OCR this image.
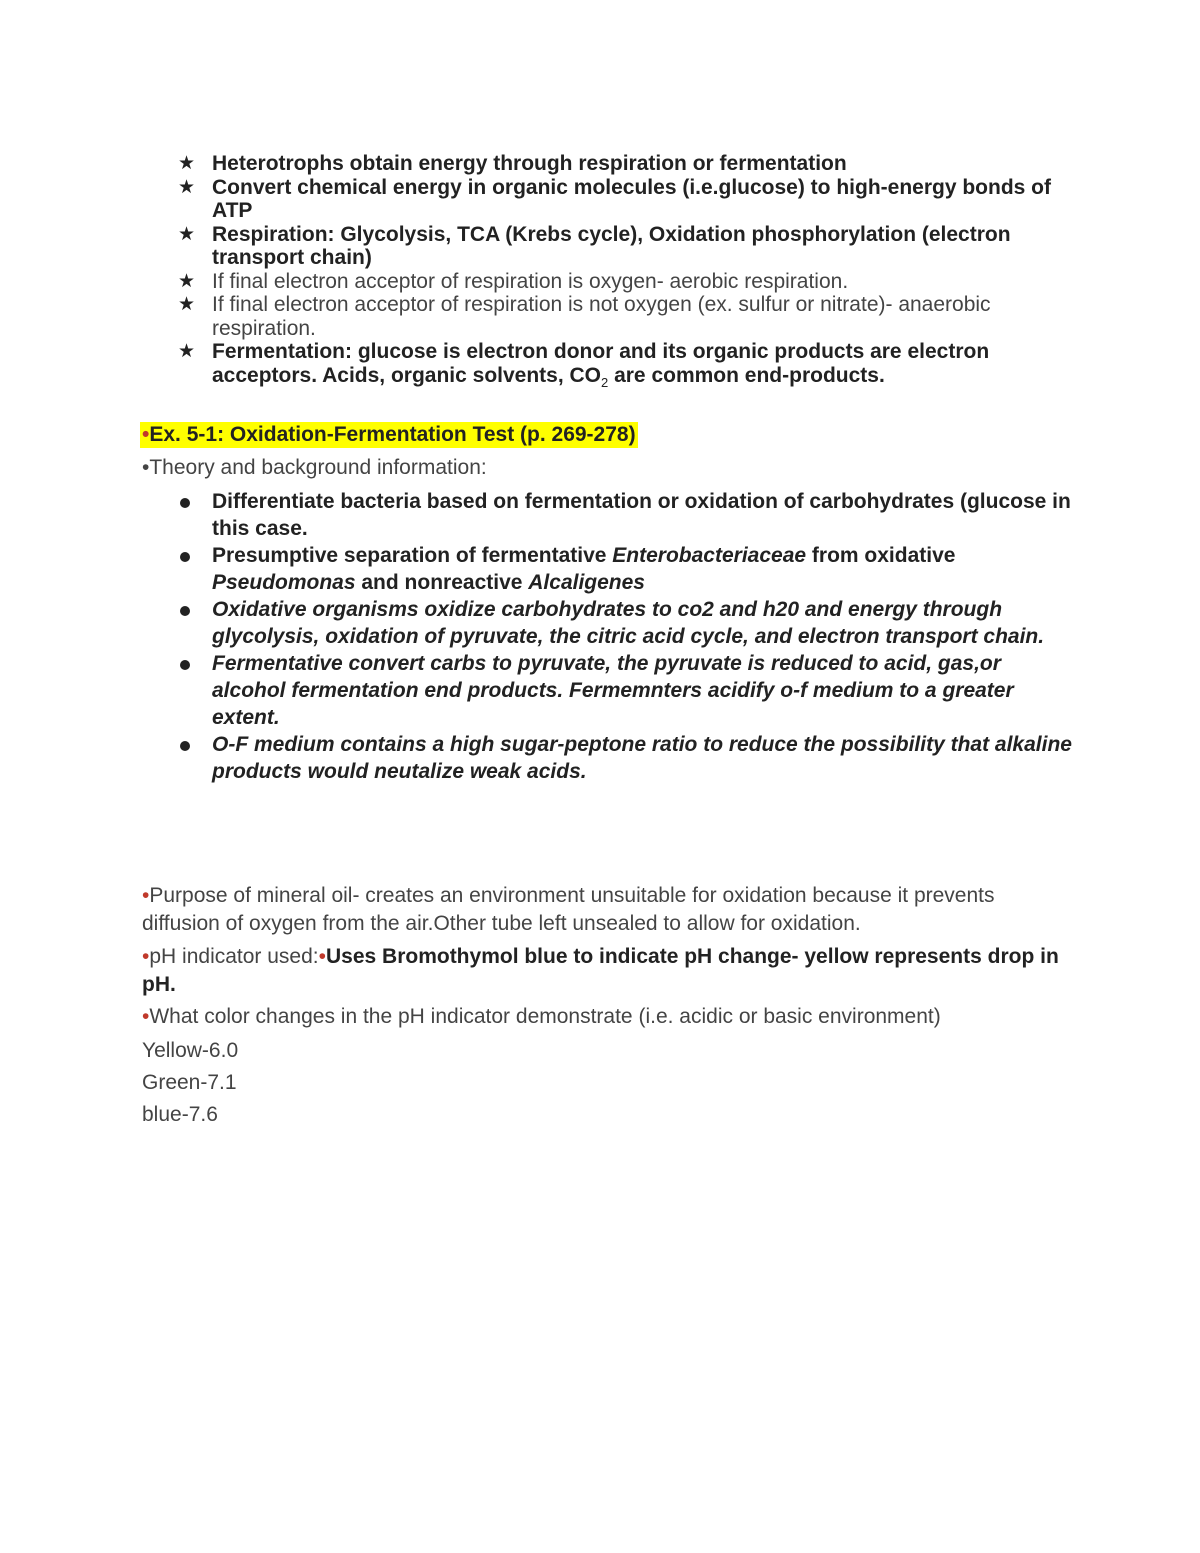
★ Heterotrophs obtain energy through respiration or fermentation
★ Convert chemical energy in organic molecules (i.e.glucose) to high-energy bonds of ATP
★ Respiration: Glycolysis, TCA (Krebs cycle), Oxidation phosphorylation (electron transport chain)
★ If final electron acceptor of respiration is oxygen- aerobic respiration.
★ If final electron acceptor of respiration is not oxygen (ex. sulfur or nitrate)- anaerobic respiration.
★ Fermentation: glucose is electron donor and its organic products are electron acceptors. Acids, organic solvents, $CO_2$ are common end-products.
•Ex. 5-1: Oxidation-Fermentation Test (p. 269-278)
•Theory and background information:
Differentiate bacteria based on fermentation or oxidation of carbohydrates (glucose in this case.
Presumptive separation of fermentative Enterobacteriaceae from oxidative Pseudomonas and nonreactive Alcaligenes
Oxidative organisms oxidize carbohydrates to co2 and h20 and energy through glycolysis, oxidation of pyruvate, the citric acid cycle, and electron transport chain.
Fermentative convert carbs to pyruvate, the pyruvate is reduced to acid, gas,or alcohol fermentation end products. Fermemnters acidify o-f medium to a greater extent.
O-F medium contains a high sugar-peptone ratio to reduce the possibility that alkaline products would neutalize weak acids.
•Purpose of mineral oil- creates an environment unsuitable for oxidation because it prevents diffusion of oxygen from the air.Other tube left unsealed to allow for oxidation.
•pH indicator used:•Uses Bromothymol blue to indicate pH change- yellow represents drop in pH.
•What color changes in the pH indicator demonstrate (i.e. acidic or basic environment)
Yellow-6.0
Green-7.1
blue-7.6
